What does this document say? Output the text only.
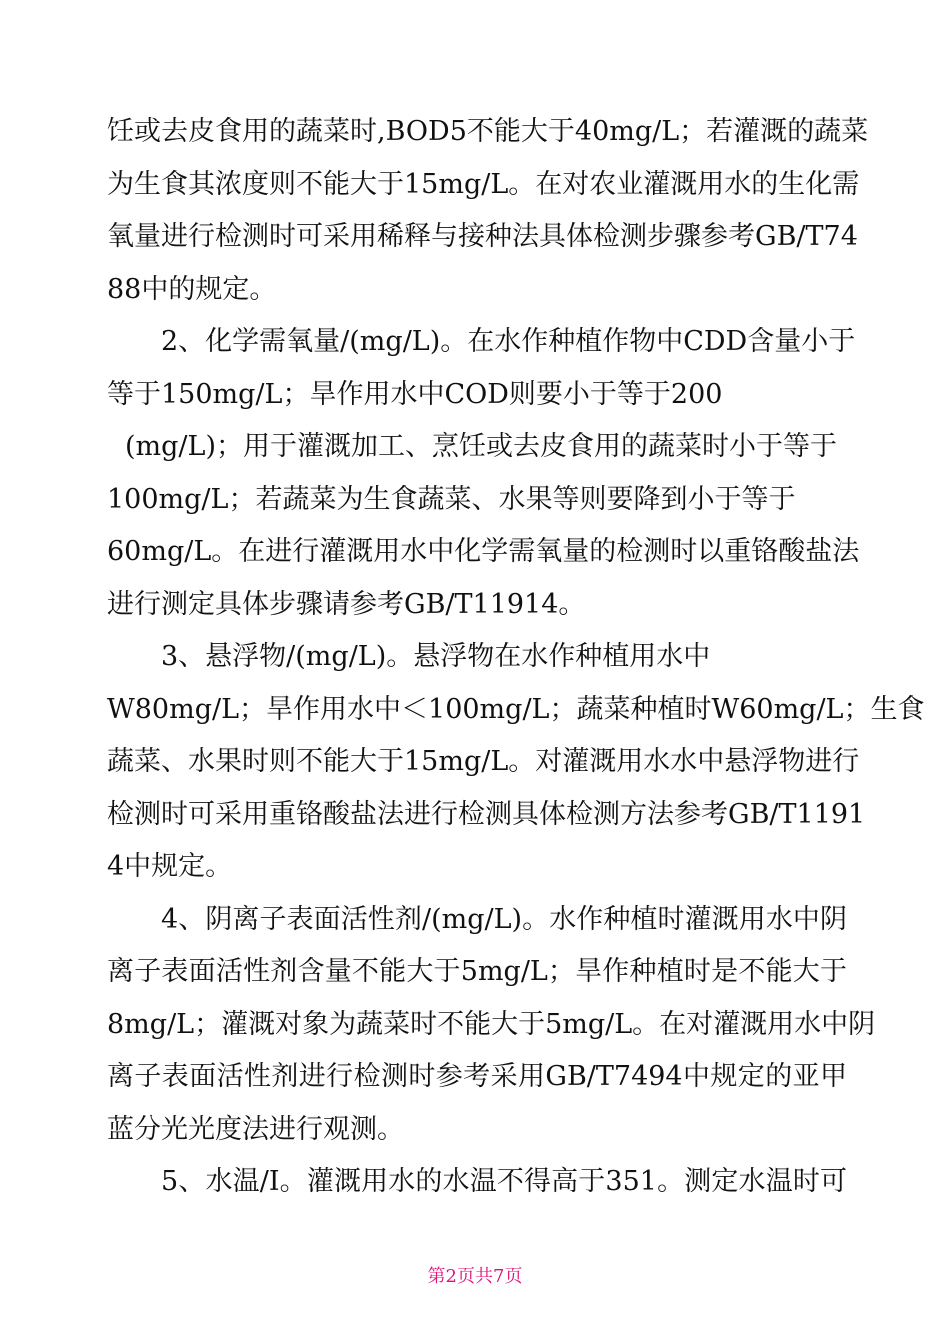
饪或去皮食用的蔬菜时,BOD5不能大于40mg/L；若灌溉的蔬菜
为生食其浓度则不能大于15mg/L。在对农业灌溉用水的生化需
氧量进行检测时可采用稀释与接种法具体检测步骤参考GB/T74
88中的规定。
2、化学需氧量/(mg/L)。在水作种植作物中CDD含量小于
等于150mg/L；旱作用水中COD则要小于等于200
(mg/L)；用于灌溉加工、烹饪或去皮食用的蔬菜时小于等于
100mg/L；若蔬菜为生食蔬菜、水果等则要降到小于等于
60mg/L。在进行灌溉用水中化学需氧量的检测时以重铬酸盐法
进行测定具体步骤请参考GB/T11914。
3、悬浮物/(mg/L)。悬浮物在水作种植用水中
W80mg/L；旱作用水中＜100mg/L；蔬菜种植时W60mg/L；生食
蔬菜、水果时则不能大于15mg/L。对灌溉用水水中悬浮物进行
检测时可采用重铬酸盐法进行检测具体检测方法参考GB/T1191
4中规定。
4、阴离子表面活性剂/(mg/L)。水作种植时灌溉用水中阴
离子表面活性剂含量不能大于5mg/L；旱作种植时是不能大于
8mg/L；灌溉对象为蔬菜时不能大于5mg/L。在对灌溉用水中阴
离子表面活性剂进行检测时参考采用GB/T7494中规定的亚甲
蓝分光光度法进行观测。
5、水温/I。灌溉用水的水温不得高于351。测定水温时可
第2页共7页
